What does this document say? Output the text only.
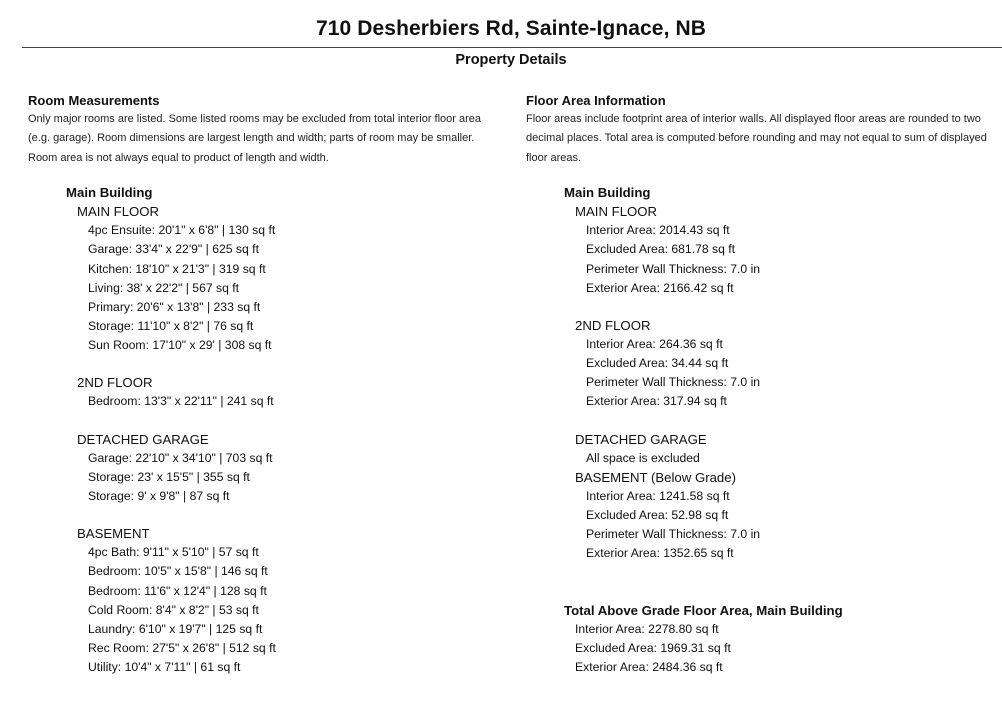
710 Desherbiers Rd, Sainte-Ignace, NB
Property Details
Room Measurements
Only major rooms are listed. Some listed rooms may be excluded from total interior floor area
(e.g. garage). Room dimensions are largest length and width; parts of room may be smaller.
Room area is not always equal to product of length and width.
Floor Area Information
Floor areas include footprint area of interior walls. All displayed floor areas are rounded to two
decimal places. Total area is computed before rounding and may not equal to sum of displayed
floor areas.
Main Building
MAIN FLOOR
4pc Ensuite: 20'1" x 6'8" | 130 sq ft
Garage: 33'4" x 22'9" | 625 sq ft
Kitchen: 18'10" x 21'3" | 319 sq ft
Living: 38' x 22'2" | 567 sq ft
Primary: 20'6" x 13'8" | 233 sq ft
Storage: 11'10" x 8'2" | 76 sq ft
Sun Room: 17'10" x 29' | 308 sq ft
2ND FLOOR
Bedroom: 13'3" x 22'11" | 241 sq ft
DETACHED GARAGE
Garage: 22'10" x 34'10" | 703 sq ft
Storage: 23' x 15'5" | 355 sq ft
Storage: 9' x 9'8" | 87 sq ft
BASEMENT
4pc Bath: 9'11" x 5'10" | 57 sq ft
Bedroom: 10'5" x 15'8" | 146 sq ft
Bedroom: 11'6" x 12'4" | 128 sq ft
Cold Room: 8'4" x 8'2" | 53 sq ft
Laundry: 6'10" x 19'7" | 125 sq ft
Rec Room: 27'5" x 26'8" | 512 sq ft
Utility: 10'4" x 7'11" | 61 sq ft
Main Building
MAIN FLOOR
Interior Area: 2014.43 sq ft
Excluded Area: 681.78 sq ft
Perimeter Wall Thickness: 7.0 in
Exterior Area: 2166.42 sq ft
2ND FLOOR
Interior Area: 264.36 sq ft
Excluded Area: 34.44 sq ft
Perimeter Wall Thickness: 7.0 in
Exterior Area: 317.94 sq ft
DETACHED GARAGE
All space is excluded
BASEMENT (Below Grade)
Interior Area: 1241.58 sq ft
Excluded Area: 52.98 sq ft
Perimeter Wall Thickness: 7.0 in
Exterior Area: 1352.65 sq ft
Total Above Grade Floor Area, Main Building
Interior Area: 2278.80 sq ft
Excluded Area: 1969.31 sq ft
Exterior Area: 2484.36 sq ft
